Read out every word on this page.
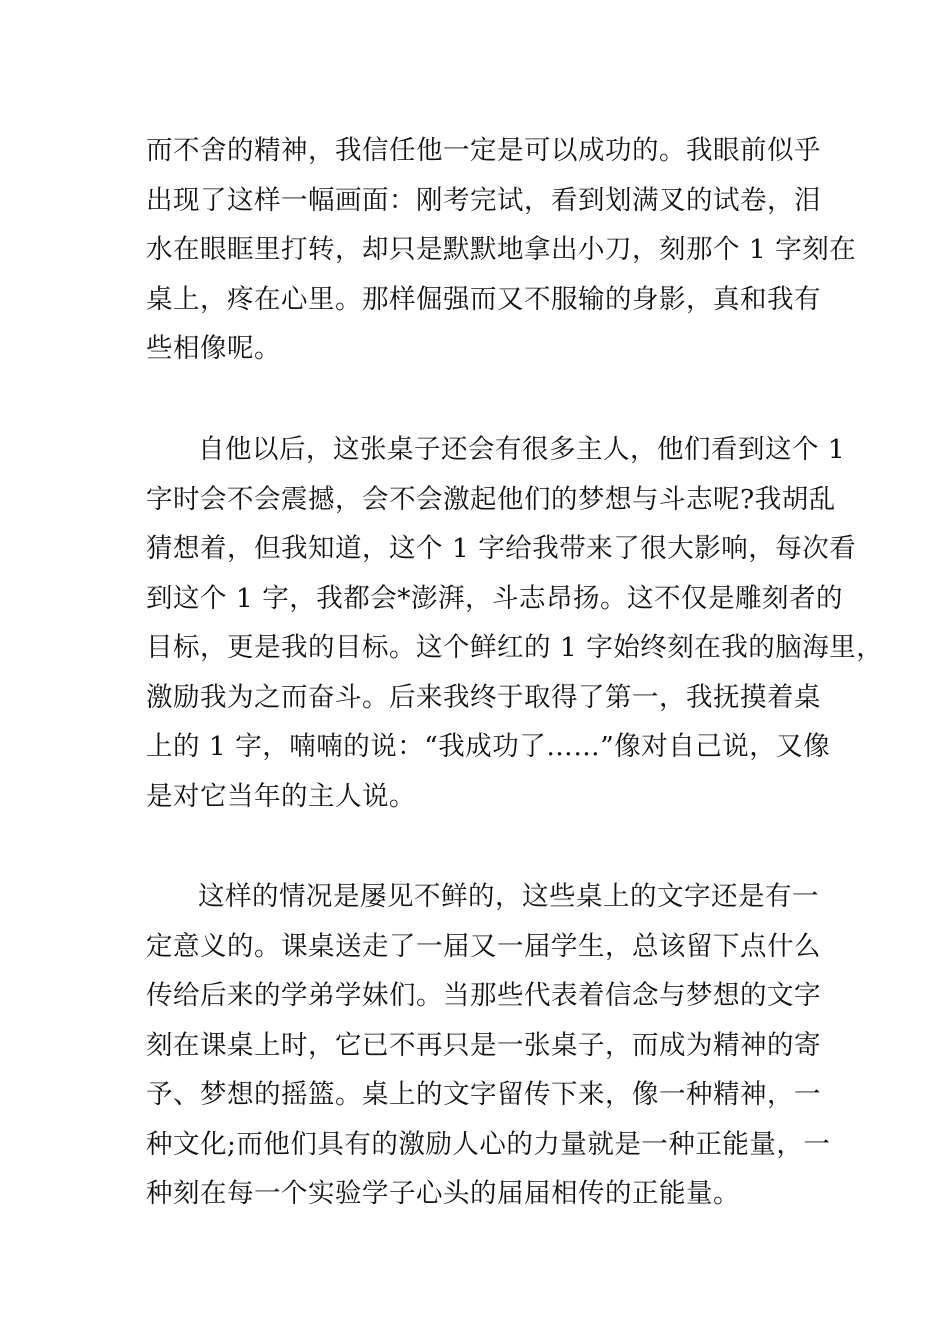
而不舍的精神，我信任他一定是可以成功的。我眼前似乎
出现了这样一幅画面：刚考完试，看到划满叉的试卷，泪
水在眼眶里打转，却只是默默地拿出小刀，刻那个 1 字刻在
桌上，疼在心里。那样倔强而又不服输的身影，真和我有
些相像呢。
自他以后，这张桌子还会有很多主人，他们看到这个 1
字时会不会震撼，会不会激起他们的梦想与斗志呢?我胡乱
猜想着，但我知道，这个 1 字给我带来了很大影响，每次看
到这个 1 字，我都会*澎湃，斗志昂扬。这不仅是雕刻者的
目标，更是我的目标。这个鲜红的 1 字始终刻在我的脑海里，
激励我为之而奋斗。后来我终于取得了第一，我抚摸着桌
上的 1 字，喃喃的说：“我成功了……”像对自己说，又像
是对它当年的主人说。
这样的情况是屡见不鲜的，这些桌上的文字还是有一
定意义的。课桌送走了一届又一届学生，总该留下点什么
传给后来的学弟学妹们。当那些代表着信念与梦想的文字
刻在课桌上时，它已不再只是一张桌子，而成为精神的寄
予、梦想的摇篮。桌上的文字留传下来，像一种精神，一
种文化;而他们具有的激励人心的力量就是一种正能量，一
种刻在每一个实验学子心头的届届相传的正能量。
